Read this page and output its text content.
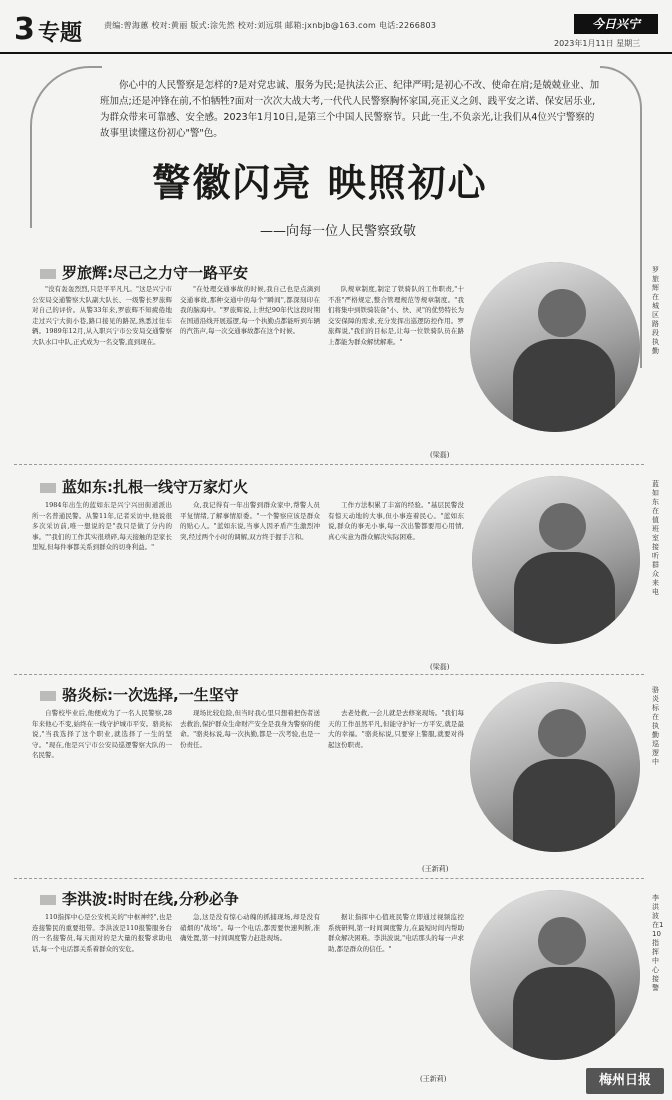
3 专题	责编:曾海蕙 校对:黄丽 版式:涂先然 校对:刘远琪 邮箱:jxnbjb@163.com 电话:2266803	今日兴宁
2023年1月11日 星期三
你心中的人民警察是怎样的?是对党忠诚、服务为民;是执法公正、纪律严明;是初心不改、使命在肩;是兢兢业业、加班加点;还是冲锋在前,不怕牺牲?面对一次次大战大考,一代代人民警察胸怀家国,亮正义之剑、践平安之诺、保安居乐业,为群众带来可靠感、安全感。2023年1月10日,是第三个中国人民警察节。只此一生,不负亲光,让我们从4位兴宁警察的故事里读懂这份初心"警"色。
警徽闪亮 映照初心
——向每一位人民警察致敬
罗旅辉:尽己之力守一路平安

"没有轰轰烈烈,只是平平凡凡。"这是兴宁市公安局交通警察大队副大队长、一级警长罗旅辉对自己的评价。从警33年来,罗旅辉不知疲倦地走过兴宁大街小巷,路口接见的路况,熟悉过往车辆。1989年12月,从入职兴宁市公安局交通警察大队水口中队,正式成为一名交警,直到现在。

"在处理交通事故的时候,我自己也是点滴到交通事故,那种交通中的每个"瞬间",都深刻印在我的脑海中。"罗旅辉说,上世纪90年代这段时期在国道沿线开展巡逻,每一个执勤点都能听到车辆的汽笛声,每一次交通事故都在这个时候。

队规章制度,制定了铁骑队的工作职责,"十不准"严格规定,整合管理规范等规章制度。"我们将集中到铁骑装备"小、快、灵"的优势特长为交安保障的需求,充分发挥出巡逻防控作用。罗旅辉说,"我们的目标是,让每一位铁骑队员在路上都能为群众解忧解难。"

(梁磊)
罗旅辉在城区路段执勤
蓝如东:扎根一线守万家灯火

1984年出生的蓝如东是兴宁兴田街道派出所一名普通民警。从警11年,记者采访中,他说很多次采访前,唯一想说的是"我只是做了分内的事。""我们的工作其实很琐碎,每天接触的是家长里短,但每件事都关系到群众的切身利益。"

众,我记得有一年出警到群众家中,帮警人员平复情绪,了解事情原委。"一个警察应该是群众的贴心人。"蓝如东说,当事人因矛盾产生激烈冲突,经过两个小时的调解,双方终于握手言和。

工作方法积累了丰富的经验。"基层民警没有惊天动地的大事,但小事连着民心。"蓝如东说,群众的事无小事,每一次出警都要用心用情,真心实意为群众解决实际困难。

(梁磊)
蓝如东在值班室接听群众来电
骆炎标:一次选择,一生坚守

自警校毕业后,他便成为了一名人民警察,28年来他心不变,始终在一线守护城市平安。骆炎标说,"当我选择了这个职业,就选择了一生的坚守。"现在,他是兴宁市公安局巡逻警察大队的一名民警。

现场比较危险,但当时我心里只想着把伤者送去救治,保护群众生命财产安全是我身为警察的使命。"骆炎标说,每一次执勤,都是一次考验,也是一份责任。

去老处救,一会儿就是去修案现场。"我们每天的工作虽然平凡,但能守护好一方平安,就是最大的幸福。"骆炎标说,只要穿上警服,就要对得起这份职责。

(王新莉)
骆炎标在执勤巡逻中
李洪波:时时在线,分秒必争

110指挥中心是公安机关的"中枢神经",也是连接警民的重要纽带。李洪波是110报警服务台的一名接警员,每天面对的是大量的报警求助电话,每一个电话都关系着群众的安危。

急,这是没有惊心动魄的抓捕现场,却是没有硝烟的"战场"。每一个电话,都需要快速判断,准确处置,第一时间调度警力赶赴现场。

据让指挥中心值班民警立即通过视频监控系统研判,第一时间调度警力,在最短时间内帮助群众解决困难。李洪波说,"电话那头的每一声求助,都是群众的信任。"

(王新莉)
李洪波在110指挥中心接警
梅州日报
